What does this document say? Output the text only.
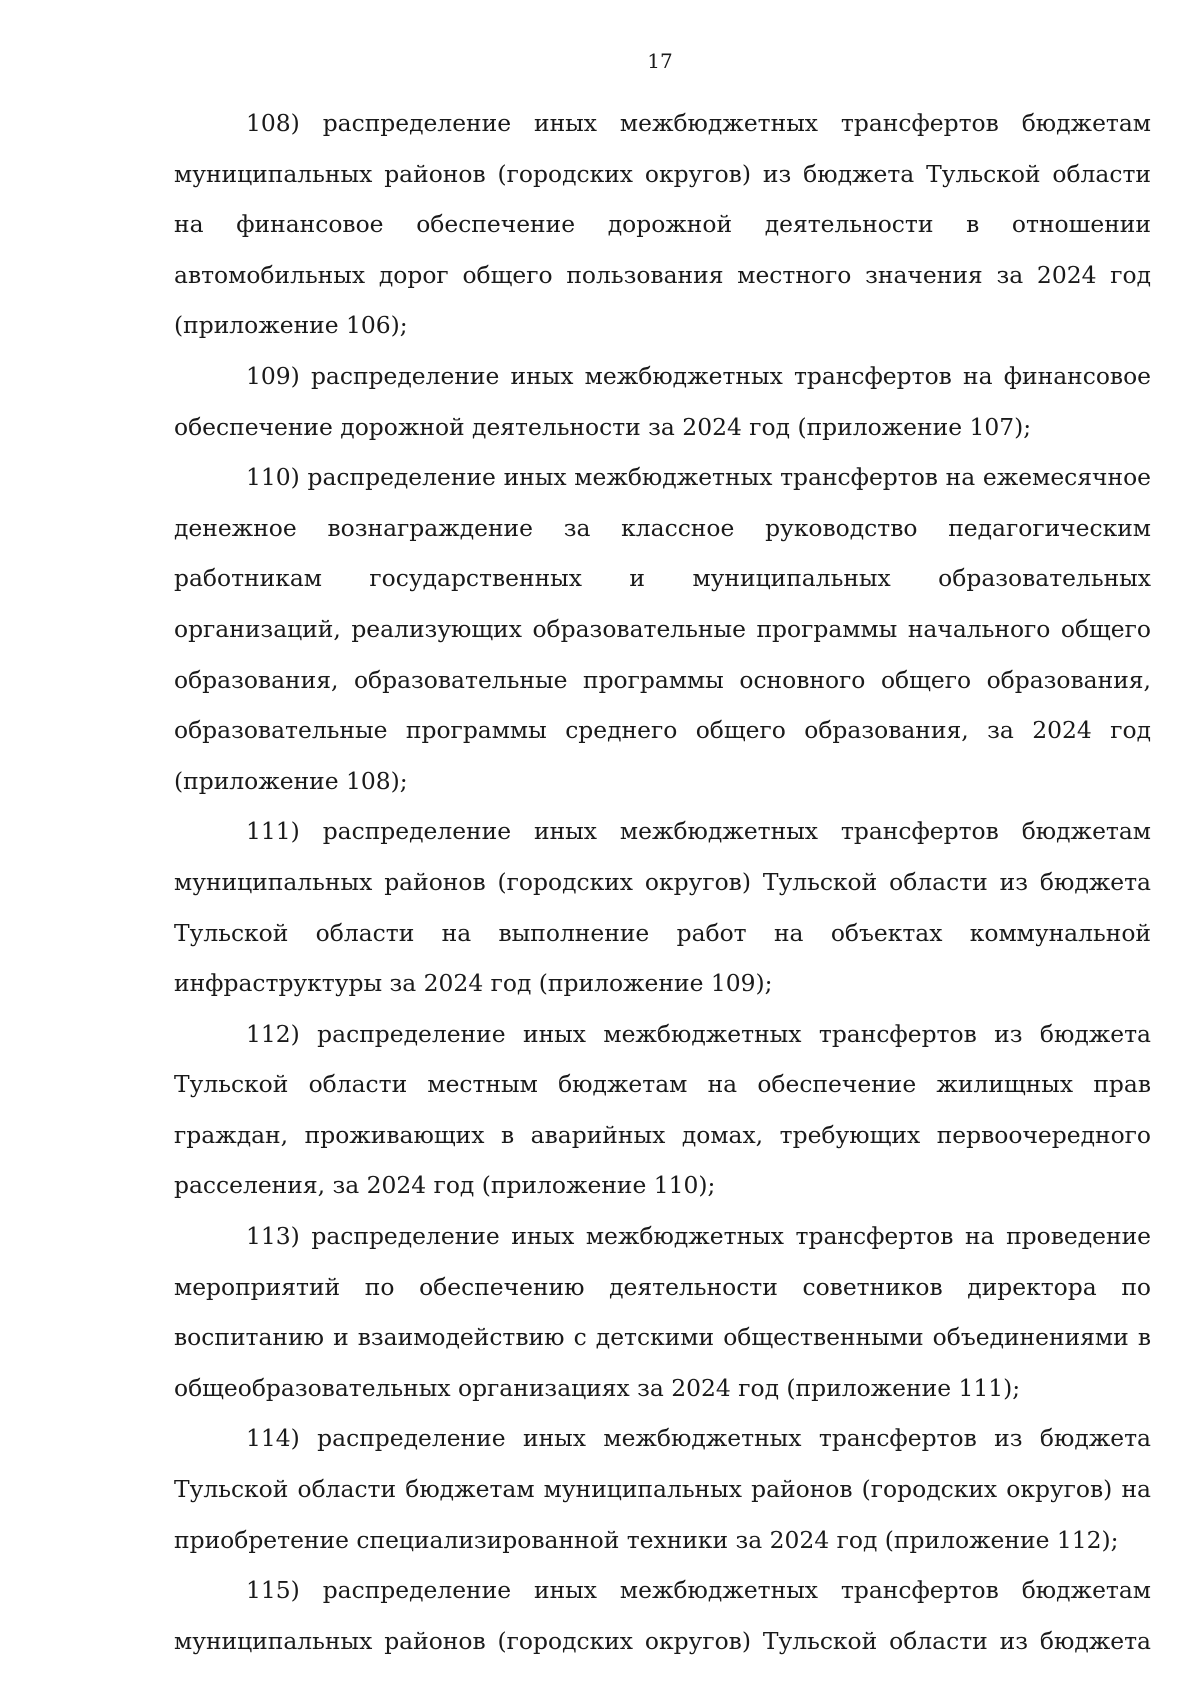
17

108) распределение иных межбюджетных трансфертов бюджетам муниципальных районов (городских округов) из бюджета Тульской области на финансовое обеспечение дорожной деятельности в отношении автомобильных дорог общего пользования местного значения за 2024 год (приложение 106);

109) распределение иных межбюджетных трансфертов на финансовое обеспечение дорожной деятельности за 2024 год (приложение 107);

110) распределение иных межбюджетных трансфертов на ежемесячное денежное вознаграждение за классное руководство педагогическим работникам государственных и муниципальных образовательных организаций, реализующих образовательные программы начального общего образования, образовательные программы основного общего образования, образовательные программы среднего общего образования, за 2024 год (приложение 108);

111) распределение иных межбюджетных трансфертов бюджетам муниципальных районов (городских округов) Тульской области из бюджета Тульской области на выполнение работ на объектах коммунальной инфраструктуры за 2024 год (приложение 109);

112) распределение иных межбюджетных трансфертов из бюджета Тульской области местным бюджетам на обеспечение жилищных прав граждан, проживающих в аварийных домах, требующих первоочередного расселения, за 2024 год (приложение 110);

113) распределение иных межбюджетных трансфертов на проведение мероприятий по обеспечению деятельности советников директора по воспитанию и взаимодействию с детскими общественными объединениями в общеобразовательных организациях за 2024 год (приложение 111);

114) распределение иных межбюджетных трансфертов из бюджета Тульской области бюджетам муниципальных районов (городских округов) на приобретение специализированной техники за 2024 год (приложение 112);

115) распределение иных межбюджетных трансфертов бюджетам муниципальных районов (городских округов) Тульской области из бюджета
